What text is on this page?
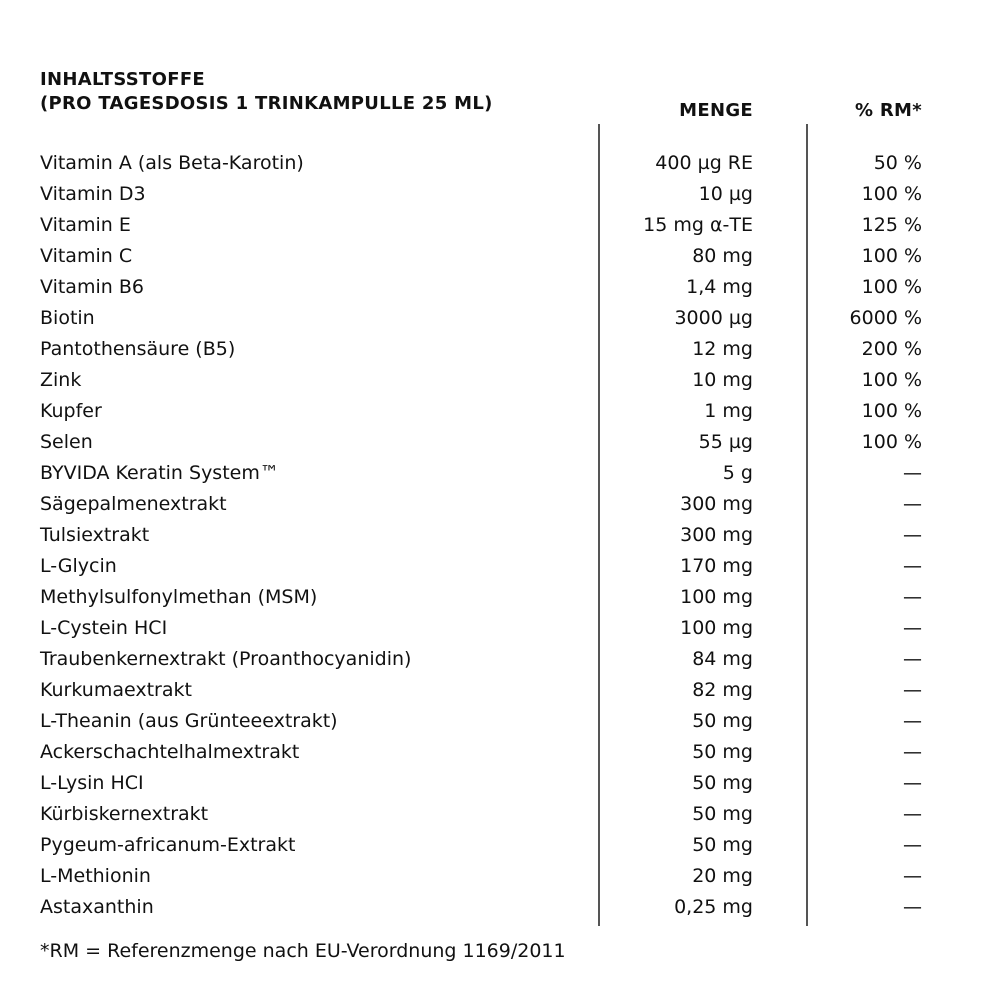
INHALTSSTOFFE
(PRO TAGESDOSIS 1 TRINKAMPULLE 25 ML)	MENGE	% RM*
Vitamin A (als Beta-Karotin)	400 µg RE	50 %
Vitamin D3	10 µg	100 %
Vitamin E	15 mg α-TE	125 %
Vitamin C	80 mg	100 %
Vitamin B6	1,4 mg	100 %
Biotin	3000 µg	6000 %
Pantothensäure (B5)	12 mg	200 %
Zink	10 mg	100 %
Kupfer	1 mg	100 %
Selen	55 µg	100 %
BYVIDA Keratin System™	5 g	—
Sägepalmenextrakt	300 mg	—
Tulsiextrakt	300 mg	—
L-Glycin	170 mg	—
Methylsulfonylmethan (MSM)	100 mg	—
L-Cystein HCI	100 mg	—
Traubenkernextrakt (Proanthocyanidin)	84 mg	—
Kurkumaextrakt	82 mg	—
L-Theanin (aus Grünteeextrakt)	50 mg	—
Ackerschachtelhalmextrakt	50 mg	—
L-Lysin HCI	50 mg	—
Kürbiskernextrakt	50 mg	—
Pygeum-africanum-Extrakt	50 mg	—
L-Methionin	20 mg	—
Astaxanthin	0,25 mg	—
*RM = Referenzmenge nach EU-Verordnung 1169/2011
